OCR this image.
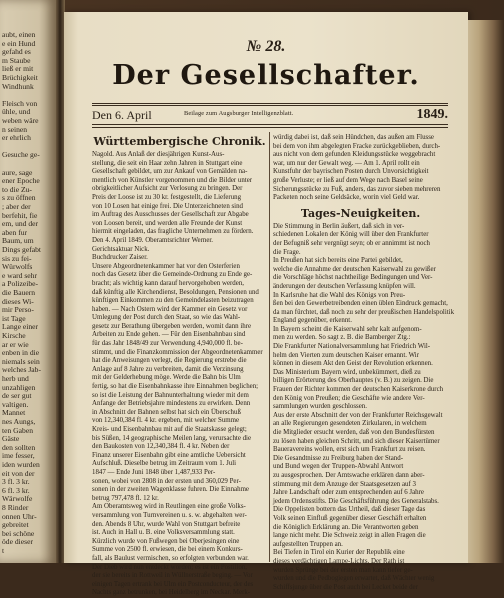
aubt, einen
e ein Hund
gefahd es
m Staube
ließ er mit
Brüchigkeit
Windhunk
Fleisch von
ühle, und
weben wäre
n seinen
er ehrlich
Gesuche ge-
aure, sage
ener Epoche
to die Zu-
s zu öffnen
; aber der
berfehit, fie
em, und der
aben fur
Baum, um
Dings gefabt
sis zu fei-
Würwolfs
e ward sehr
a Polizeibe-
die Bauern
dieses Wi-
mir Perso-
ist Tage
Lange einer
Kirsche
ar er wie
enben in die
niemals sein
welches Jab-
herb und
unzahligen
de ser gut
valtigen.
Mannet
nes Aungs,
ten Gaben
Gäste
den sollten
ime fesser,
iden wurden
eit von der
3 fl. 3 kr.
6 fl. 3 kr.
Wärwolfe
8 Rinder
onnen Uhr-
gebreitet
bei schöne
öde dieser
t
№ 28.
Der Gesellschafter.
Den 6. April	Beilage zum Augsburger Intelligenzblatt.	1849.
Württembergische Chronik.
Nagold. Aus Anlaß der diesjährigen Kunst-Aus-
stellung, die seit ein Haar zehn Jahren in Stuttgart eine
Gesellschaft gebildet, um zur Ankauf von Gemälden na-
mentlich von Künstler vorgenommen und die Bilder unter
obrigkeitlicher Aufsicht zur Verlosung zu bringen. Der
Preis der Loose ist zu 30 kr. festgestellt, die Lieferung
von 10 Losen hat einige frei. Die Unterzeichneten sind
im Auftrag des Ausschusses der Gesellschaft zur Abgabe
von Loosen bereit, und werden alle Freunde der Kunst
hiermit eingeladen, das fragliche Unternehmen zu fördern.
Den 4. April 1849. Oberamtsrichter Werner.
Gerichtsaktuar Nick.
Buchdrucker Zaiser.
Unsere Abgeordnetenkammer hat vor den Osterferien
noch das Gesetz über die Gemeinde-Ordnung zu Ende ge-
bracht; als wichtig kann darauf hervorgehoben werden,
daß künftig alle Kirchendienst, Besoldungen, Pensionen und
künftigen Einkommen zu den Gemeindelasten beizutragen
haben. — Nach Ostern wird der Kammer ein Gesetz vor
Umlegung der Post durch den Staat, so wie das Wahl-
gesetz zur Berathung übergeben werden, womit dann ihre
Arbeiten zu Ende gehen. — Für den Eisenbahnbau sind
für das Jahr 1848/49 zur Verwendung 4,940,000 fl. be-
stimmt, und die Finanzkommission der Abgeordnetenkammer
hat die Anweisungen verlegt, die Regierung erstrebe die
Anlage auf 8 Jahre zu verbreiten, damit die Verzinsung
mit der Gelderhebung möge. Werde die Bahn bis Ulm
fertig, so hat die Eisenbahnkasse ihre Einnahmen beglichen;
so ist die Leistung der Bahnunterhaltung wieder mit dem
Anfange der Betriebsjahre mindestens zu erwirken. Denn
in Abschnitt der Bahnen selbst hat sich ein Überschuß
von 12,340,384 fl. 4 kr. ergeben, mit welcher Summe
Kreis- und Eisenbahnbau mit auf die Staatskasse gelegt;
bis Süßen, 14 geographische Meilen lang, verursachte die
den Baukosten von 12,340,384 fl. 4 kr. Neben der
Finanz unserer Eisenbahn gibt eine amtliche Uebersicht
Aufschluß. Dieselbe betrug im Zeitraum vom 1. Juli
1847 — Ende Juni 1848 über 1,487,933 Per-
sonen, wobei von 2808 in der ersten und 360,029 Per-
sonen in der zweiten Wagenklasse fuhren. Die Einnahme
betrug 797,478 fl. 12 kr.
Am Oberamtsweg wird in Reutlingen eine große Volks-
versammlung von Turnvereinen u. s. w. abgehalten wer-
den. Abends 8 Uhr, wurde Wahl von Stuttgart befreite
ist. Auch in Hall u. B. eine Volksversammlung statt.
Kürzlich wurde von Fußwegen bei Oberjesingen eine
Summe von 2500 fl. erwiesen, die bei einem Konkurs-
fall, als Baulust vermischen, so erfolgten verbunden war.
Der Dieb wird nun entdeckt worden; es ist ein Postillon,
der sie bereits in Rottweil in Wüllnerstraße beging. — Vor
einigen Tagen ertrank bei Ulm ein Postconducteur, der des
Nachts ganz betrunken, bei Heidelberg im Neckar. Merk-
würdig dabei ist, daß sein Hündchen, das außen am Flusse
bei dem von ihm abgelegten Fracke zurückgeblieben, durch-
aus nicht von dem gefunden Kleidungsstücke weggebracht
war, um nur der Gewalt weg. — Am 1. April rollt ein
Kunstfuhr der bayrischen Posten durch Unvorsichtigkeit
große Verluste; er ließ auf dem Wege nach Basel seine
Sicherungsstücke zu Fuß, anders, das zuvor sieben mehreren
Packeten noch seine Geldsäcke, worin viel Geld war.
Tages-Neuigkeiten.
Die Stimmung in Berlin äußert, daß sich in ver-
schiedenen Lokalen der König will über den Frankfurter
der Befugniß sehr vergnügt seyn; ob er annimmt ist noch
die Frage.
In Preußen hat sich bereits eine Partei gebildet,
welche die Annahme der deutschen Kaiserwahl zu gewißer
die Vorschläge höchst nachtheilige Bedingungen und Ver-
änderungen der deutschen Verfassung knüpfen will.
In Karlsruhe hat die Wahl des Königs von Preu-
ßen bei den Gewerbetreibenden einen üblen Eindruck gemacht,
da man fürchtet, daß noch zu sehr der preußischen Handelspolitik
England gegenüber, erkennt.
In Bayern scheint die Kaiserwahl sehr kalt aufgenom-
men zu werden. So sagt z. B. die Bamberger Ztg.:
Die Frankfurter Nationalversammlung hat Friedrich Wil-
helm den Vierten zum deutschen Kaiser ernannt. Wir
können in diesem Akt den Geist der Revolution erkennen.
Das Ministerium Bayern wird, unbekümmert, dieß zu
billigen Erörterung des Oberhauptes (v. B.) zu zeigen. Die
Frauen der Richter kommen der deutschen Kaiserkrone durch
den König von Preußen; die Geschäfte wie andere Ver-
sammlungen wurden geschlossen.
Aus der erste Abschnitt der von der Frankfurter Reichsgewalt
an alle Regierungen gesendeten Zirkularen, in welchem
die Mitglieder ersucht werden, daß von den Bundesfürsten
zu lösen haben gleichen Schritt, und sich dieser Kaisertümer
Baueravereins wollen, erst sich um Frankfurt zu reisen.
Die Gesandtnisse zu Freiburg haben der Stand-
und Bund wegen der Truppen-Abwahl Antwort
zu ausgesprochen. Der Amtswache erklären dann aber-
stimmung mit dem Anzuge der Staatsgesetzen auf 3
Jahre Landschaft oder zum entsprechenden auf 6 Jahre
jedem Ordensstifts. Die Geschäftsführung des Generalstabs.
Die Oppelisten bottern das Urtheil, daß dieser Tage das
Volk seinen Einfluß gegenüber dieser Geschäft erhalten
die Königlich Erklärung an. Die Verantworten geben
lange nicht mehr. Die Schweiz zeigt in allen Fragen die
aufgestellten Truppen an.
Bei Tiefen in Tirol ein Kurier der Republik eine
dieses verdächtigen Lampe-Lichts. Der Rath ist
wurden Sprünge bei der ersten man kann tiefer ge-
wurden und die Pedbogiegen erwartet, daß Wächter wenig
Schiffsjunge über die Post auch bei Lecket beide der
